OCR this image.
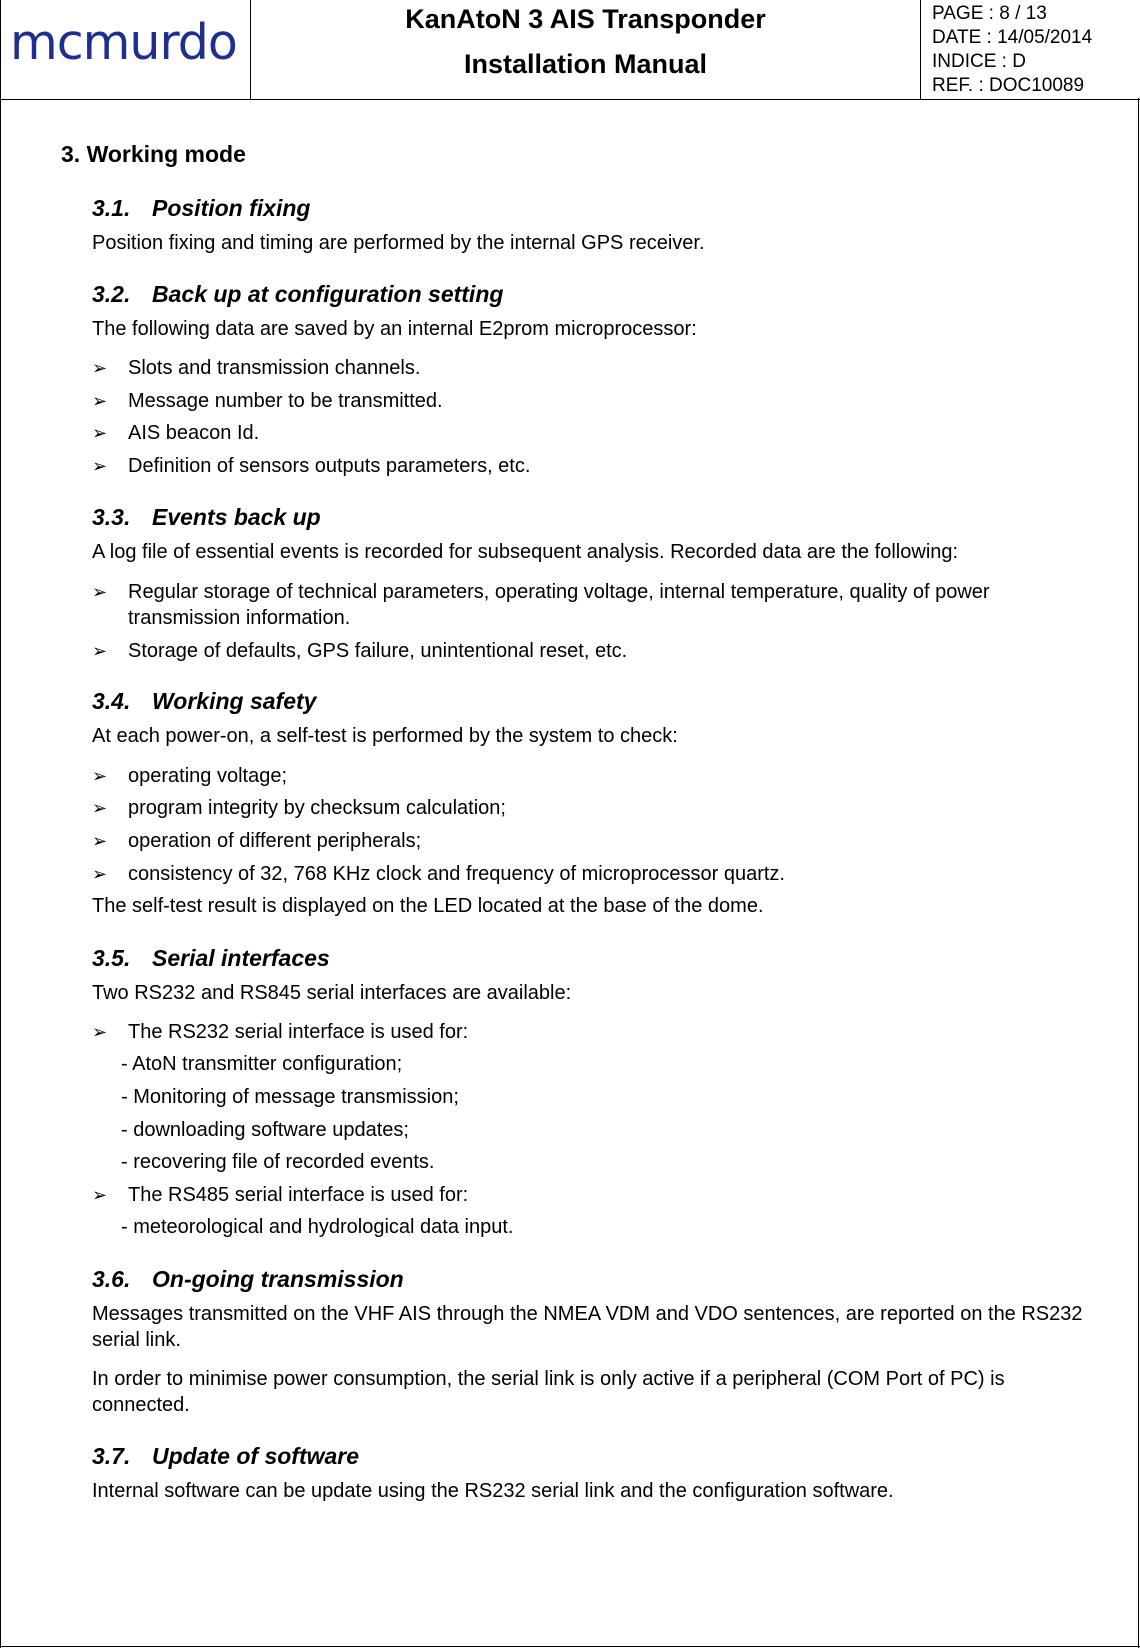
mcmurdo	KanAtoN 3 AIS Transponder
Installation Manual
PAGE : 8 / 13
DATE : 14/05/2014
INDICE : D
REF. : DOC10089
3. Working mode
3.1. Position fixing
Position fixing and timing are performed by the internal GPS receiver.
3.2. Back up at configuration setting
The following data are saved by an internal E2prom microprocessor:
➢ Slots and transmission channels.
➢ Message number to be transmitted.
➢ AIS beacon Id.
➢ Definition of sensors outputs parameters, etc.
3.3. Events back up
A log file of essential events is recorded for subsequent analysis. Recorded data are the following:
➢ Regular storage of technical parameters, operating voltage, internal temperature, quality of power transmission information.
➢ Storage of defaults, GPS failure, unintentional reset, etc.
3.4. Working safety
At each power-on, a self-test is performed by the system to check:
➢ operating voltage;
➢ program integrity by checksum calculation;
➢ operation of different peripherals;
➢ consistency of 32, 768 KHz clock and frequency of microprocessor quartz.
The self-test result is displayed on the LED located at the base of the dome.
3.5. Serial interfaces
Two RS232 and RS845 serial interfaces are available:
➢ The RS232 serial interface is used for:
- AtoN transmitter configuration;
- Monitoring of message transmission;
- downloading software updates;
- recovering file of recorded events.
➢ The RS485 serial interface is used for:
- meteorological and hydrological data input.
3.6. On-going transmission
Messages transmitted on the VHF AIS through the NMEA VDM and VDO sentences, are reported on the RS232 serial link.
In order to minimise power consumption, the serial link is only active if a peripheral (COM Port of PC) is connected.
3.7. Update of software
Internal software can be update using the RS232 serial link and the configuration software.
